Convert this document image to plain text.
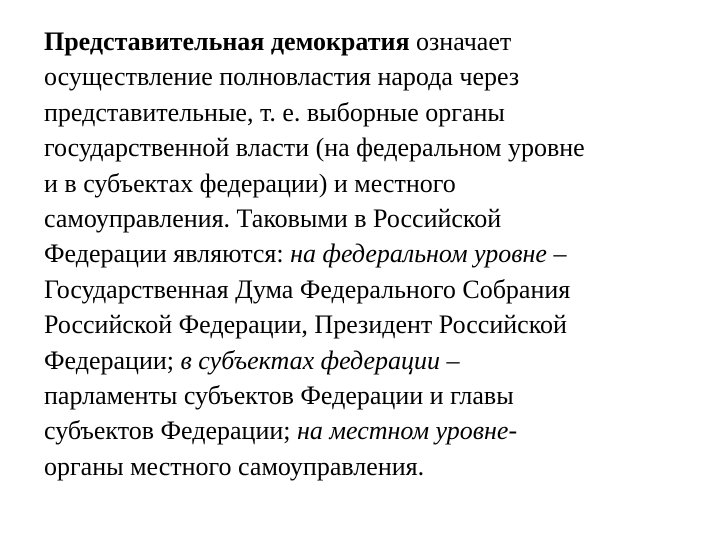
Представительная демократия означает
осуществление полновластия народа через
представительные, т. е. выборные органы
государственной власти (на федеральном уровне
и в субъектах федерации) и местного
самоуправления. Таковыми в Российской
Федерации являются: на федеральном уровне –
Государственная Дума Федерального Собрания
Российской Федерации, Президент Российской
Федерации; в субъектах федерации –
парламенты субъектов Федерации и главы
субъектов Федерации; на местном уровне-
органы местного самоуправления.
